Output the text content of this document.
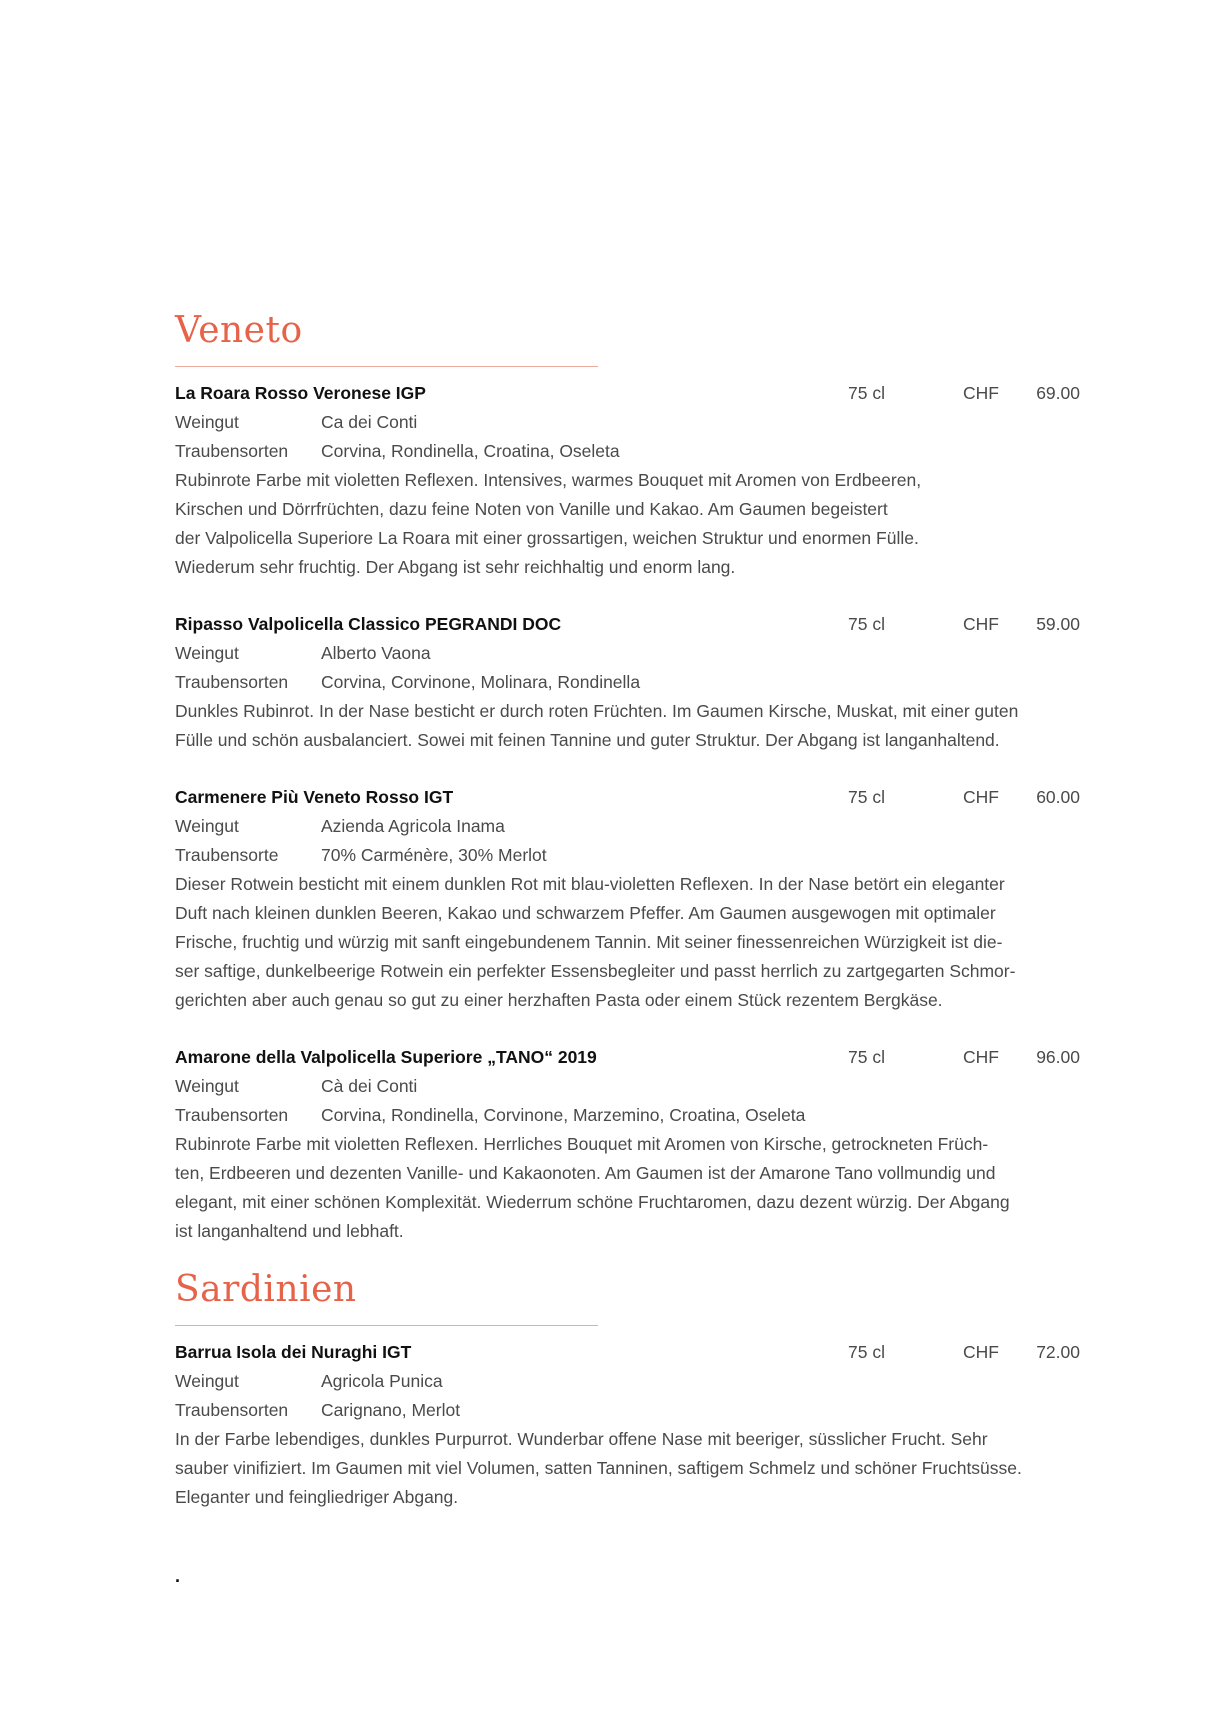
Veneto
La Roara Rosso Veronese IGP	75 cl	CHF 69.00
Weingut	Ca dei Conti
Traubensorten Corvina, Rondinella, Croatina, Oseleta
Rubinrote Farbe mit violetten Reflexen. Intensives, warmes Bouquet mit Aromen von Erdbeeren,
Kirschen und Dörrfrüchten, dazu feine Noten von Vanille und Kakao. Am Gaumen begeistert
der Valpolicella Superiore La Roara mit einer grossartigen, weichen Struktur und enormen Fülle.
Wiederum sehr fruchtig. Der Abgang ist sehr reichhaltig und enorm lang.
Ripasso Valpolicella Classico PEGRANDI DOC	75 cl	CHF 59.00
Weingut	Alberto Vaona
Traubensorten Corvina, Corvinone, Molinara, Rondinella
Dunkles Rubinrot. In der Nase besticht er durch roten Früchten. Im Gaumen Kirsche, Muskat, mit einer guten
Fülle und schön ausbalanciert. Sowei mit feinen Tannine und guter Struktur. Der Abgang ist langanhaltend.
Carmenere Più Veneto Rosso IGT	75 cl	CHF 60.00
Weingut	Azienda Agricola Inama
Traubensorte 70% Carménère, 30% Merlot
Dieser Rotwein besticht mit einem dunklen Rot mit blau-violetten Reflexen. In der Nase betört ein eleganter
Duft nach kleinen dunklen Beeren, Kakao und schwarzem Pfeffer. Am Gaumen ausgewogen mit optimaler
Frische, fruchtig und würzig mit sanft eingebundenem Tannin. Mit seiner finessenreichen Würzigkeit ist die-
ser saftige, dunkelbeerige Rotwein ein perfekter Essensbegleiter und passt herrlich zu zartgegarten Schmor-
gerichten aber auch genau so gut zu einer herzhaften Pasta oder einem Stück rezentem Bergkäse.
Amarone della Valpolicella Superiore „TANO“ 2019	75 cl	CHF 96.00
Weingut	Cà dei Conti
Traubensorten Corvina, Rondinella, Corvinone, Marzemino, Croatina, Oseleta
Rubinrote Farbe mit violetten Reflexen. Herrliches Bouquet mit Aromen von Kirsche, getrockneten Früch-
ten, Erdbeeren und dezenten Vanille- und Kakaonoten. Am Gaumen ist der Amarone Tano vollmundig und
elegant, mit einer schönen Komplexität. Wiederrum schöne Fruchtaromen, dazu dezent würzig. Der Abgang
ist langanhaltend und lebhaft.
Sardinien
Barrua Isola dei Nuraghi IGT	75 cl	CHF 72.00
Weingut	Agricola Punica
Traubensorten Carignano, Merlot
In der Farbe lebendiges, dunkles Purpurrot. Wunderbar offene Nase mit beeriger, süsslicher Frucht. Sehr
sauber vinifiziert. Im Gaumen mit viel Volumen, satten Tanninen, saftigem Schmelz und schöner Fruchtsüsse.
Eleganter und feingliedriger Abgang.
.
